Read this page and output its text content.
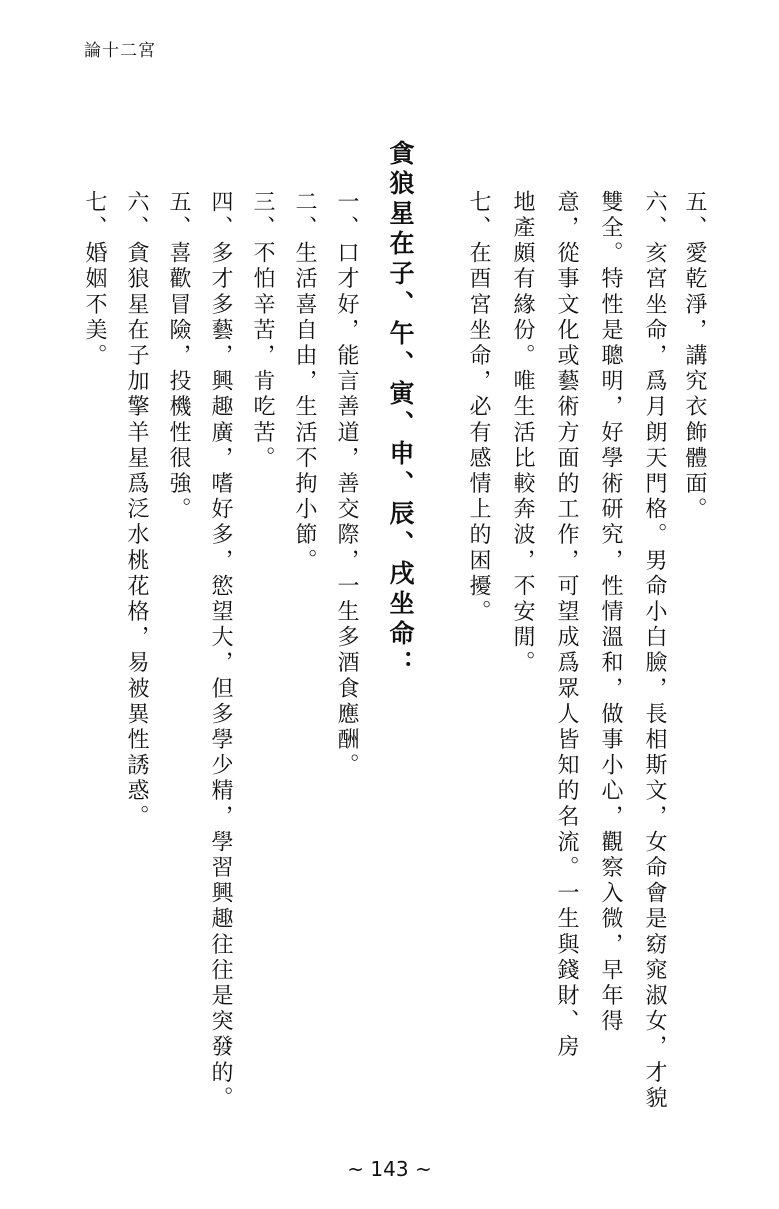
論十二宮
五、愛乾淨，講究衣飾體面。
六、亥宮坐命，爲月朗天門格。男命小白臉，長相斯文，女命會是窈窕淑女，才貌
雙全。特性是聰明，好學術研究，性情溫和，做事小心，觀察入微，早年得
意，從事文化或藝術方面的工作，可望成爲眾人皆知的名流。一生與錢財、房
地產頗有緣份。唯生活比較奔波，不安閒。
七、在酉宮坐命，必有感情上的困擾。
貪狼星在子、午、寅、申、辰、戌坐命：
一、口才好，能言善道，善交際，一生多酒食應酬。
二、生活喜自由，生活不拘小節。
三、不怕辛苦，肯吃苦。
四、多才多藝，興趣廣，嗜好多，慾望大，但多學少精，學習興趣往往是突發的。
五、喜歡冒險，投機性很強。
六、貪狼星在子加擎羊星爲泛水桃花格，易被異性誘惑。
七、婚姻不美。
~ 143 ~
